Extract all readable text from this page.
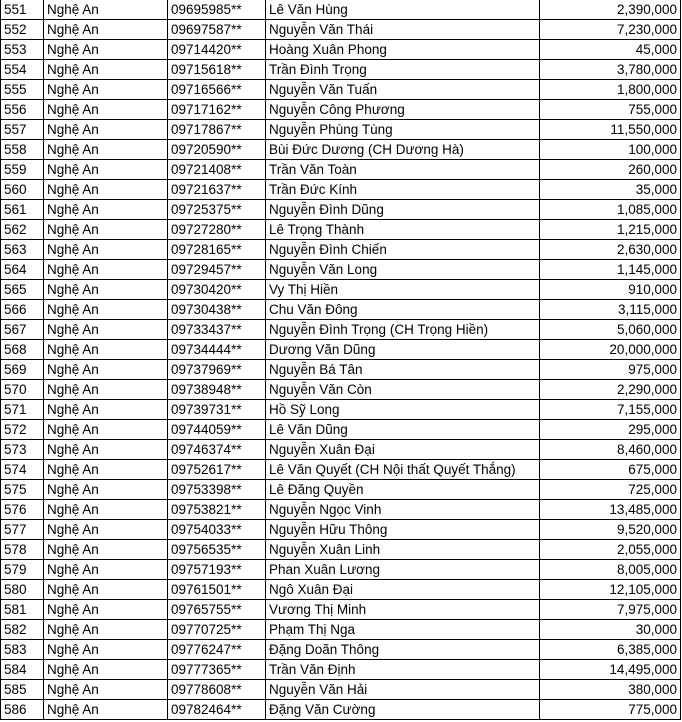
551	Nghệ An	09695985**	Lê Văn Hùng	2,390,000
552	Nghệ An	09697587**	Nguyễn Văn Thái	7,230,000
553	Nghệ An	09714420**	Hoàng Xuân Phong	45,000
554	Nghệ An	09715618**	Trần Đình Trọng	3,780,000
555	Nghệ An	09716566**	Nguyễn Văn Tuấn	1,800,000
556	Nghệ An	09717162**	Nguyễn Công Phương	755,000
557	Nghệ An	09717867**	Nguyễn Phùng Tùng	11,550,000
558	Nghệ An	09720590**	Bùi Đức Dương (CH Dương Hà)	100,000
559	Nghệ An	09721408**	Trần Văn Toàn	260,000
560	Nghệ An	09721637**	Trần Đức Kính	35,000
561	Nghệ An	09725375**	Nguyễn Đình Dũng	1,085,000
562	Nghệ An	09727280**	Lê Trọng Thành	1,215,000
563	Nghệ An	09728165**	Nguyễn Đình Chiến	2,630,000
564	Nghệ An	09729457**	Nguyễn Văn Long	1,145,000
565	Nghệ An	09730420**	Vy Thị Hiền	910,000
566	Nghệ An	09730438**	Chu Văn Đông	3,115,000
567	Nghệ An	09733437**	Nguyễn Đình Trọng (CH Trọng Hiền)	5,060,000
568	Nghệ An	09734444**	Dương Văn Dũng	20,000,000
569	Nghệ An	09737969**	Nguyễn Bá Tân	975,000
570	Nghệ An	09738948**	Nguyễn Văn Còn	2,290,000
571	Nghệ An	09739731**	Hồ Sỹ Long	7,155,000
572	Nghệ An	09744059**	Lê Văn Dũng	295,000
573	Nghệ An	09746374**	Nguyễn Xuân Đại	8,460,000
574	Nghệ An	09752617**	Lê Văn Quyết (CH Nội thất Quyết Thắng)	675,000
575	Nghệ An	09753398**	Lê Đăng Quyền	725,000
576	Nghệ An	09753821**	Nguyễn Ngọc Vinh	13,485,000
577	Nghệ An	09754033**	Nguyễn Hữu Thông	9,520,000
578	Nghệ An	09756535**	Nguyễn Xuân Linh	2,055,000
579	Nghệ An	09757193**	Phan Xuân Lương	8,005,000
580	Nghệ An	09761501**	Ngô Xuân Đại	12,105,000
581	Nghệ An	09765755**	Vương Thị Minh	7,975,000
582	Nghệ An	09770725**	Phạm Thị Nga	30,000
583	Nghệ An	09776247**	Đặng Doãn Thông	6,385,000
584	Nghệ An	09777365**	Trần Văn Định	14,495,000
585	Nghệ An	09778608**	Nguyễn Văn Hải	380,000
586	Nghệ An	09782464**	Đặng Văn Cường	775,000
